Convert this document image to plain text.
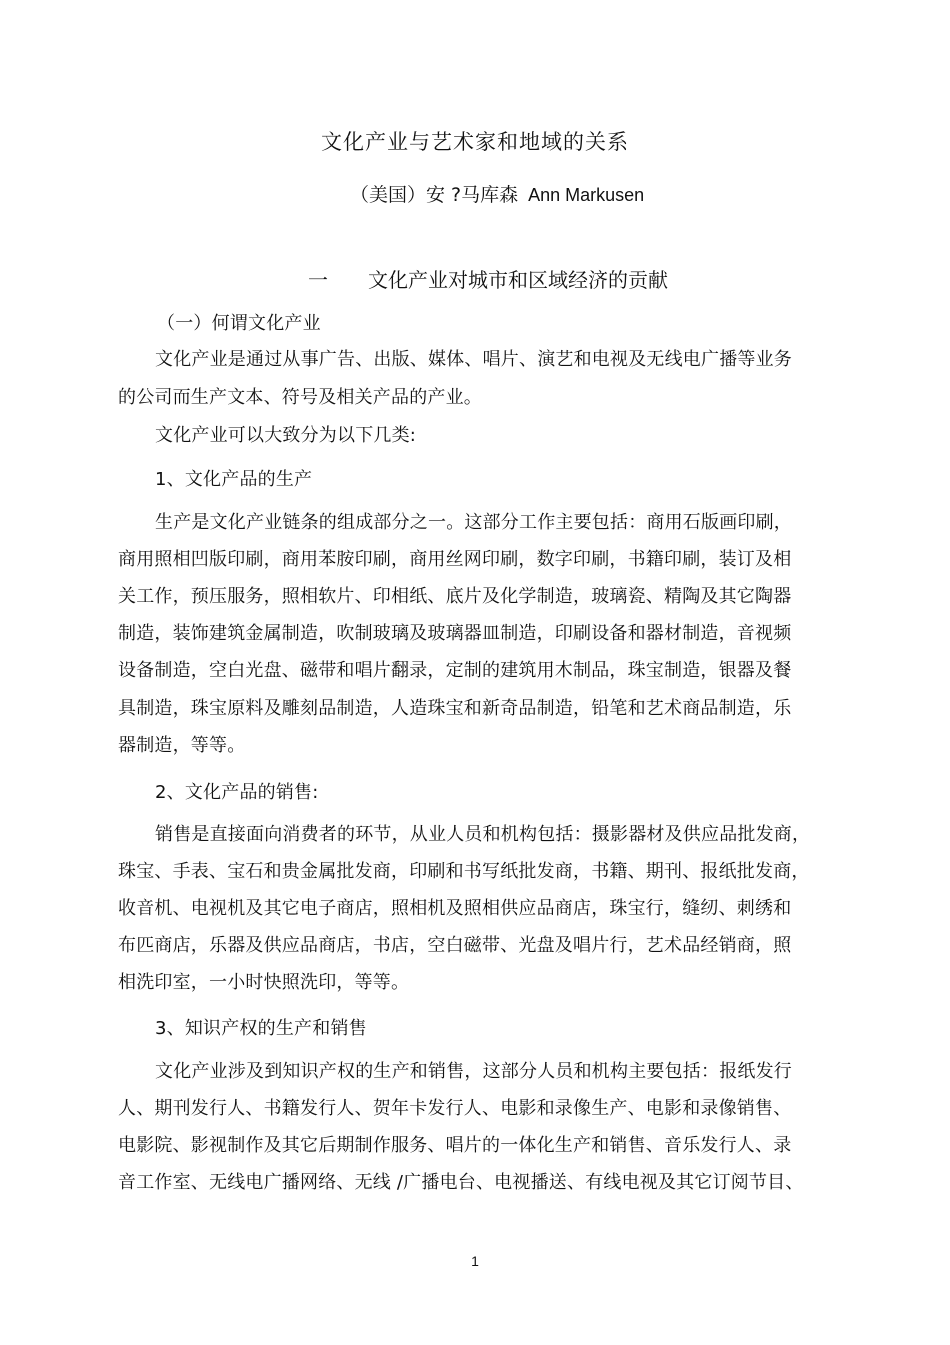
文化产业与艺术家和地域的关系
（美国）安 ?马库森 Ann Markusen
一 文化产业对城市和区域经济的贡献
（一）何谓文化产业
文化产业是通过从事广告、出版、媒体、唱片、演艺和电视及无线电广播等业务
的公司而生产文本、符号及相关产品的产业。
文化产业可以大致分为以下几类:
1、文化产品的生产
生产是文化产业链条的组成部分之一。这部分工作主要包括：商用石版画印刷，
商用照相凹版印刷，商用苯胺印刷，商用丝网印刷，数字印刷，书籍印刷，装订及相
关工作，预压服务，照相软片、印相纸、底片及化学制造，玻璃瓷、精陶及其它陶器
制造，装饰建筑金属制造，吹制玻璃及玻璃器皿制造，印刷设备和器材制造，音视频
设备制造，空白光盘、磁带和唱片翻录，定制的建筑用木制品，珠宝制造，银器及餐
具制造，珠宝原料及雕刻品制造，人造珠宝和新奇品制造，铅笔和艺术商品制造，乐
器制造，等等。
2、文化产品的销售:
销售是直接面向消费者的环节，从业人员和机构包括：摄影器材及供应品批发商，
珠宝、手表、宝石和贵金属批发商，印刷和书写纸批发商，书籍、期刊、报纸批发商，
收音机、电视机及其它电子商店，照相机及照相供应品商店，珠宝行，缝纫、刺绣和
布匹商店，乐器及供应品商店，书店，空白磁带、光盘及唱片行，艺术品经销商，照
相洗印室，一小时快照洗印，等等。
3、知识产权的生产和销售
文化产业涉及到知识产权的生产和销售，这部分人员和机构主要包括：报纸发行
人、期刊发行人、书籍发行人、贺年卡发行人、电影和录像生产、电影和录像销售、
电影院、影视制作及其它后期制作服务、唱片的一体化生产和销售、音乐发行人、录
音工作室、无线电广播网络、无线 /广播电台、电视播送、有线电视及其它订阅节目、
1
